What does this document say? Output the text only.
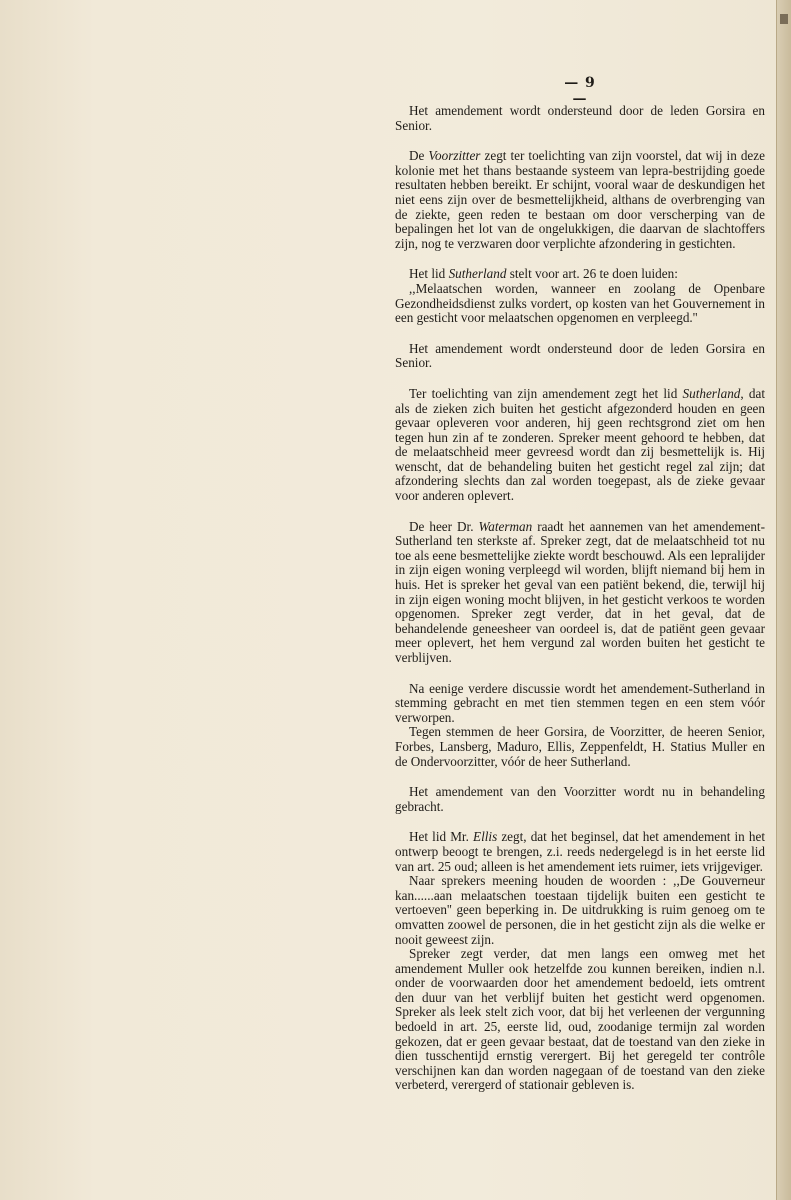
— 9 —

Het amendement wordt ondersteund door de leden Gorsira en Senior.

De Voorzitter zegt ter toelichting van zijn voorstel, dat wij in deze kolonie met het thans bestaande systeem van lepra-bestrijding goede resultaten hebben bereikt. Er schijnt, vooral waar de deskundigen het niet eens zijn over de besmettelijkheid, althans de overbrenging van de ziekte, geen reden te bestaan om door verscherping van de bepalingen het lot van de ongelukkigen, die daarvan de slachtoffers zijn, nog te verzwaren door verplichte afzondering in gestichten.

Het lid Sutherland stelt voor art. 26 te doen luiden:

,,Melaatschen worden, wanneer en zoolang de Openbare Gezondheidsdienst zulks vordert, op kosten van het Gouvernement in een gesticht voor melaatschen opgenomen en verpleegd.''

Het amendement wordt ondersteund door de leden Gorsira en Senior.

Ter toelichting van zijn amendement zegt het lid Sutherland, dat als de zieken zich buiten het gesticht afgezonderd houden en geen gevaar opleveren voor anderen, hij geen rechtsgrond ziet om hen tegen hun zin af te zonderen. Spreker meent gehoord te hebben, dat de melaatschheid meer gevreesd wordt dan zij besmettelijk is. Hij wenscht, dat de behandeling buiten het gesticht regel zal zijn; dat afzondering slechts dan zal worden toegepast, als de zieke gevaar voor anderen oplevert.

De heer Dr. Waterman raadt het aannemen van het amendement-Sutherland ten sterkste af. Spreker zegt, dat de melaatschheid tot nu toe als eene besmettelijke ziekte wordt beschouwd. Als een lepralijder in zijn eigen woning verpleegd wil worden, blijft niemand bij hem in huis. Het is spreker het geval van een patiënt bekend, die, terwijl hij in zijn eigen woning mocht blijven, in het gesticht verkoos te worden opgenomen. Spreker zegt verder, dat in het geval, dat de behandelende geneesheer van oordeel is, dat de patiënt geen gevaar meer oplevert, het hem vergund zal worden buiten het gesticht te verblijven.

Na eenige verdere discussie wordt het amendement-Sutherland in stemming gebracht en met tien stemmen tegen en een stem vóór verworpen.

Tegen stemmen de heer Gorsira, de Voorzitter, de heeren Senior, Forbes, Lansberg, Maduro, Ellis, Zeppenfeldt, H. Statius Muller en de Ondervoorzitter, vóór de heer Sutherland.

Het amendement van den Voorzitter wordt nu in behandeling gebracht.

Het lid Mr. Ellis zegt, dat het beginsel, dat het amendement in het ontwerp beoogt te brengen, z.i. reeds nedergelegd is in het eerste lid van art. 25 oud; alleen is het amendement iets ruimer, iets vrijgeviger.

Naar sprekers meening houden de woorden : ,,De Gouverneur kan......aan melaatschen toestaan tijdelijk buiten een gesticht te vertoeven'' geen beperking in. De uitdrukking is ruim genoeg om te omvatten zoowel de personen, die in het gesticht zijn als die welke er nooit geweest zijn.

Spreker zegt verder, dat men langs een omweg met het amendement Muller ook hetzelfde zou kunnen bereiken, indien n.l. onder de voorwaarden door het amendement bedoeld, iets omtrent den duur van het verblijf buiten het gesticht werd opgenomen. Spreker als leek stelt zich voor, dat bij het verleenen der vergunning bedoeld in art. 25, eerste lid, oud, zoodanige termijn zal worden gekozen, dat er geen gevaar bestaat, dat de toestand van den zieke in dien tusschentijd ernstig verergert. Bij het geregeld ter contrôle verschijnen kan dan worden nagegaan of de toestand van den zieke verbeterd, verergerd of stationair gebleven is.
